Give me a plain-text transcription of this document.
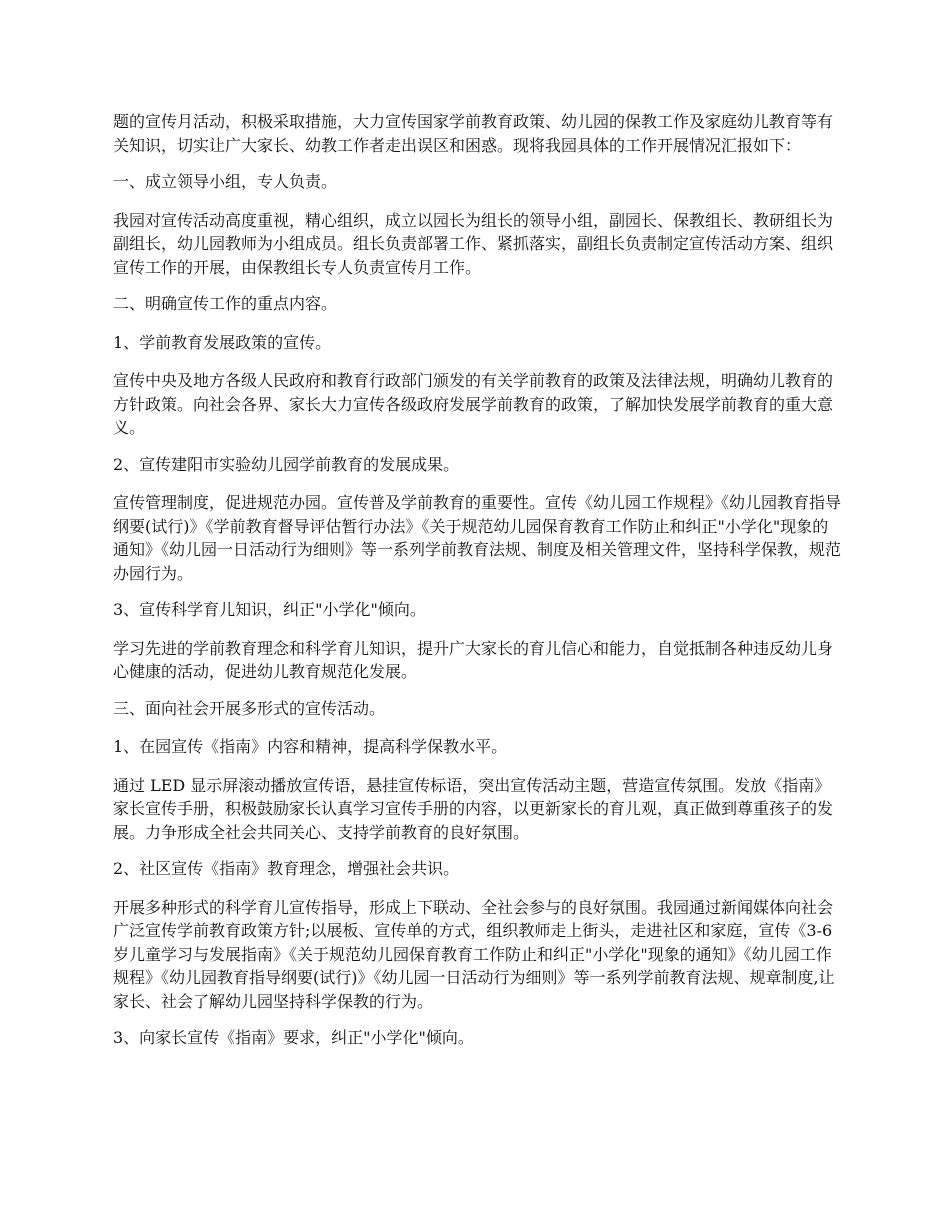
题的宣传月活动，积极采取措施，大力宣传国家学前教育政策、幼儿园的保教工作及家庭幼儿教育等有关知识，切实让广大家长、幼教工作者走出误区和困惑。现将我园具体的工作开展情况汇报如下：

一、成立领导小组，专人负责。

我园对宣传活动高度重视，精心组织，成立以园长为组长的领导小组，副园长、保教组长、教研组长为副组长，幼儿园教师为小组成员。组长负责部署工作、紧抓落实，副组长负责制定宣传活动方案、组织宣传工作的开展，由保教组长专人负责宣传月工作。

二、明确宣传工作的重点内容。

1、学前教育发展政策的宣传。

宣传中央及地方各级人民政府和教育行政部门颁发的有关学前教育的政策及法律法规，明确幼儿教育的方针政策。向社会各界、家长大力宣传各级政府发展学前教育的政策，了解加快发展学前教育的重大意义。

2、宣传建阳市实验幼儿园学前教育的发展成果。

宣传管理制度，促进规范办园。宣传普及学前教育的重要性。宣传《幼儿园工作规程》《幼儿园教育指导纲要(试行)》《学前教育督导评估暂行办法》《关于规范幼儿园保育教育工作防止和纠正"小学化"现象的通知》《幼儿园一日活动行为细则》等一系列学前教育法规、制度及相关管理文件，坚持科学保教，规范办园行为。

3、宣传科学育儿知识，纠正"小学化"倾向。

学习先进的学前教育理念和科学育儿知识，提升广大家长的育儿信心和能力，自觉抵制各种违反幼儿身心健康的活动，促进幼儿教育规范化发展。

三、面向社会开展多形式的宣传活动。

1、在园宣传《指南》内容和精神，提高科学保教水平。

通过 LED 显示屏滚动播放宣传语，悬挂宣传标语，突出宣传活动主题，营造宣传氛围。发放《指南》家长宣传手册，积极鼓励家长认真学习宣传手册的内容，以更新家长的育儿观，真正做到尊重孩子的发展。力争形成全社会共同关心、支持学前教育的良好氛围。

2、社区宣传《指南》教育理念，增强社会共识。

开展多种形式的科学育儿宣传指导，形成上下联动、全社会参与的良好氛围。我园通过新闻媒体向社会广泛宣传学前教育政策方针;以展板、宣传单的方式，组织教师走上街头，走进社区和家庭，宣传《3-6 岁儿童学习与发展指南》《关于规范幼儿园保育教育工作防止和纠正"小学化"现象的通知》《幼儿园工作规程》《幼儿园教育指导纲要(试行)》《幼儿园一日活动行为细则》等一系列学前教育法规、规章制度,让家长、社会了解幼儿园坚持科学保教的行为。

3、向家长宣传《指南》要求，纠正"小学化"倾向。
